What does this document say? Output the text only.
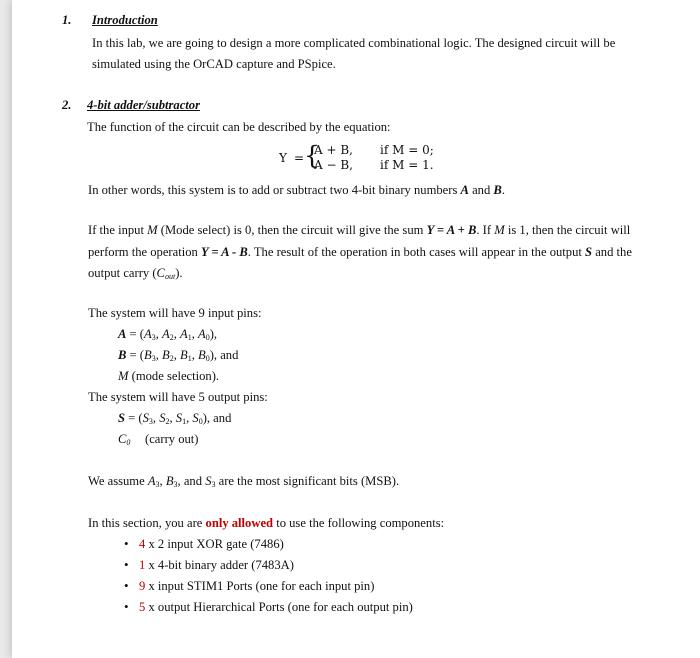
1. Introduction
In this lab, we are going to design a more complicated combinational logic. The designed circuit will be
simulated using the OrCAD capture and PSpice.
2. 4-bit adder/subtractor
The function of the circuit can be described by the equation:
Y = {
A + B, if M = 0;
A − B, if M = 1.
In other words, this system is to add or subtract two 4-bit binary numbers A and B.
If the input M (Mode select) is 0, then the circuit will give the sum Y = A + B. If M is 1, then the circuit will
perform the operation Y = A - B. The result of the operation in both cases will appear in the output S and the
output carry $(C_{out})$.
The system will have 9 input pins:
$A = (A_3$, $A_2$, $A_1$, $A_0$),
$B = (B_3$, $B_2$, $B_1$, $B_0$), and
M (mode selection).
The system will have 5 output pins:
$S = (S_3$, $S_2$, $S_1$, $S_0$), and
$C_0$ (carry out)
We assume $A_3$, $B_3$, and $S_3$ are the most significant bits (MSB).
In this section, you are only allowed to use the following components:
• 4 x 2 input XOR gate (7486)
• 1 x 4-bit binary adder (7483A)
• 9 x input STIM1 Ports (one for each input pin)
• 5 x output Hierarchical Ports (one for each output pin)
